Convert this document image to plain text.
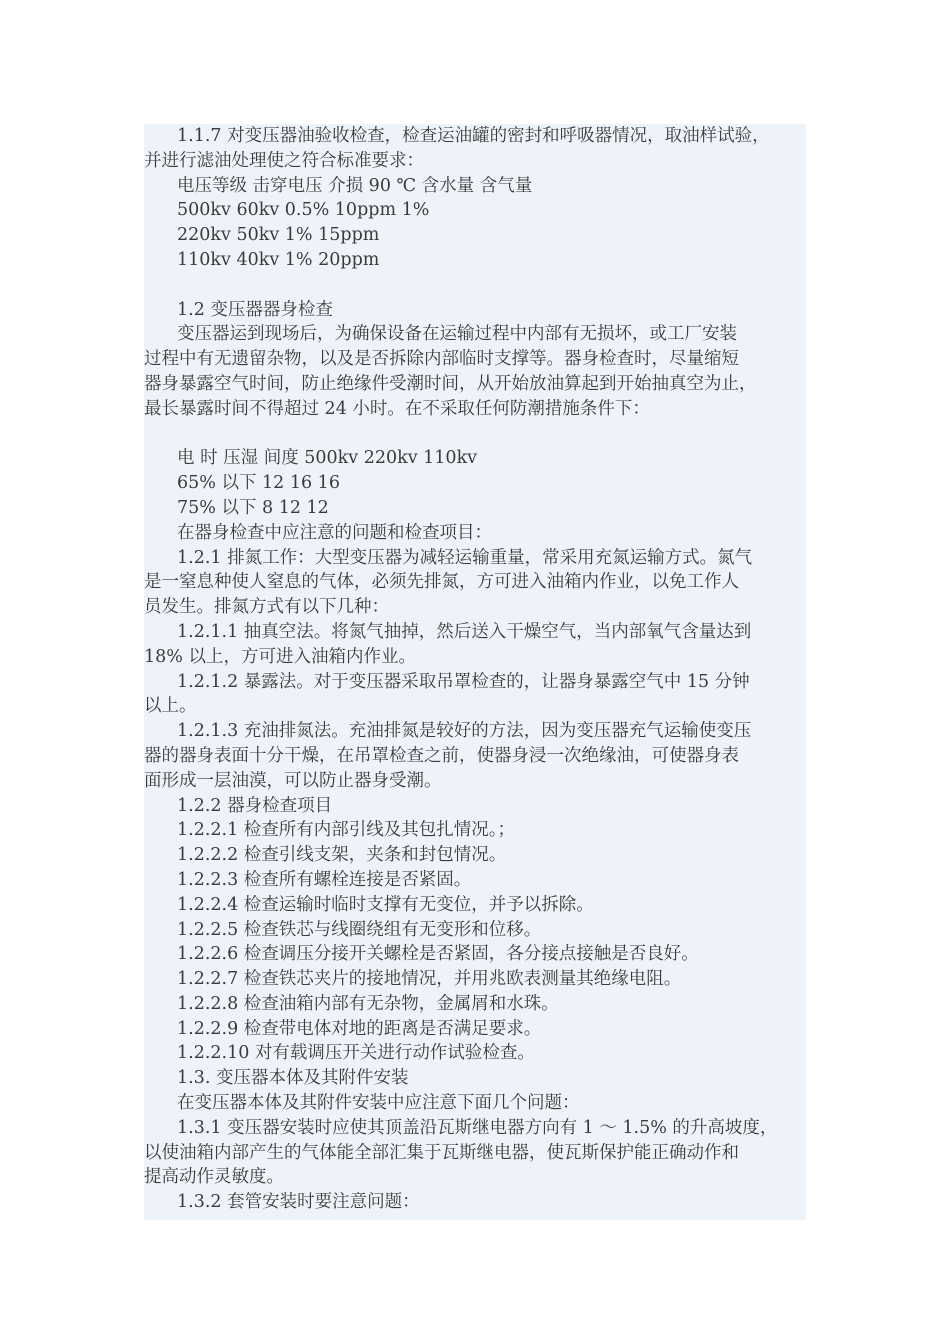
1.1.7 对变压器油验收检查，检查运油罐的密封和呼吸器情况，取油样试验，
并进行滤油处理使之符合标准要求：
电压等级 击穿电压 介损 90 ℃ 含水量 含气量
500kv 60kv 0.5% 10ppm 1%
220kv 50kv 1% 15ppm
110kv 40kv 1% 20ppm
1.2 变压器器身检查
变压器运到现场后，为确保设备在运输过程中内部有无损坏，或工厂安装
过程中有无遗留杂物，以及是否拆除内部临时支撑等。器身检查时，尽量缩短
器身暴露空气时间，防止绝缘件受潮时间，从开始放油算起到开始抽真空为止，
最长暴露时间不得超过 24 小时。在不采取任何防潮措施条件下：
电 时 压湿 间度 500kv 220kv 110kv
65% 以下 12 16 16
75% 以下 8 12 12
在器身检查中应注意的问题和检查项目：
1.2.1 排氮工作：大型变压器为减轻运输重量，常采用充氮运输方式。氮气
是一窒息种使人窒息的气体，必须先排氮，方可进入油箱内作业，以免工作人
员发生。排氮方式有以下几种：
1.2.1.1 抽真空法。将氮气抽掉，然后送入干燥空气，当内部氧气含量达到
18% 以上，方可进入油箱内作业。
1.2.1.2 暴露法。对于变压器采取吊罩检查的，让器身暴露空气中 15 分钟
以上。
1.2.1.3 充油排氮法。充油排氮是较好的方法，因为变压器充气运输使变压
器的器身表面十分干燥，在吊罩检查之前，使器身浸一次绝缘油，可使器身表
面形成一层油漠，可以防止器身受潮。
1.2.2 器身检查项目
1.2.2.1 检查所有内部引线及其包扎情况。；
1.2.2.2 检查引线支架，夹条和封包情况。
1.2.2.3 检查所有螺栓连接是否紧固。
1.2.2.4 检查运输时临时支撑有无变位，并予以拆除。
1.2.2.5 检查铁芯与线圈绕组有无变形和位移。
1.2.2.6 检查调压分接开关螺栓是否紧固，各分接点接触是否良好。
1.2.2.7 检查铁芯夹片的接地情况，并用兆欧表测量其绝缘电阻。
1.2.2.8 检查油箱内部有无杂物，金属屑和水珠。
1.2.2.9 检查带电体对地的距离是否满足要求。
1.2.2.10 对有载调压开关进行动作试验检查。
1.3. 变压器本体及其附件安装
在变压器本体及其附件安装中应注意下面几个问题：
1.3.1 变压器安装时应使其顶盖沿瓦斯继电器方向有 1 ～ 1.5% 的升高坡度，
以使油箱内部产生的气体能全部汇集于瓦斯继电器，使瓦斯保护能正确动作和
提高动作灵敏度。
1.3.2 套管安装时要注意问题：
